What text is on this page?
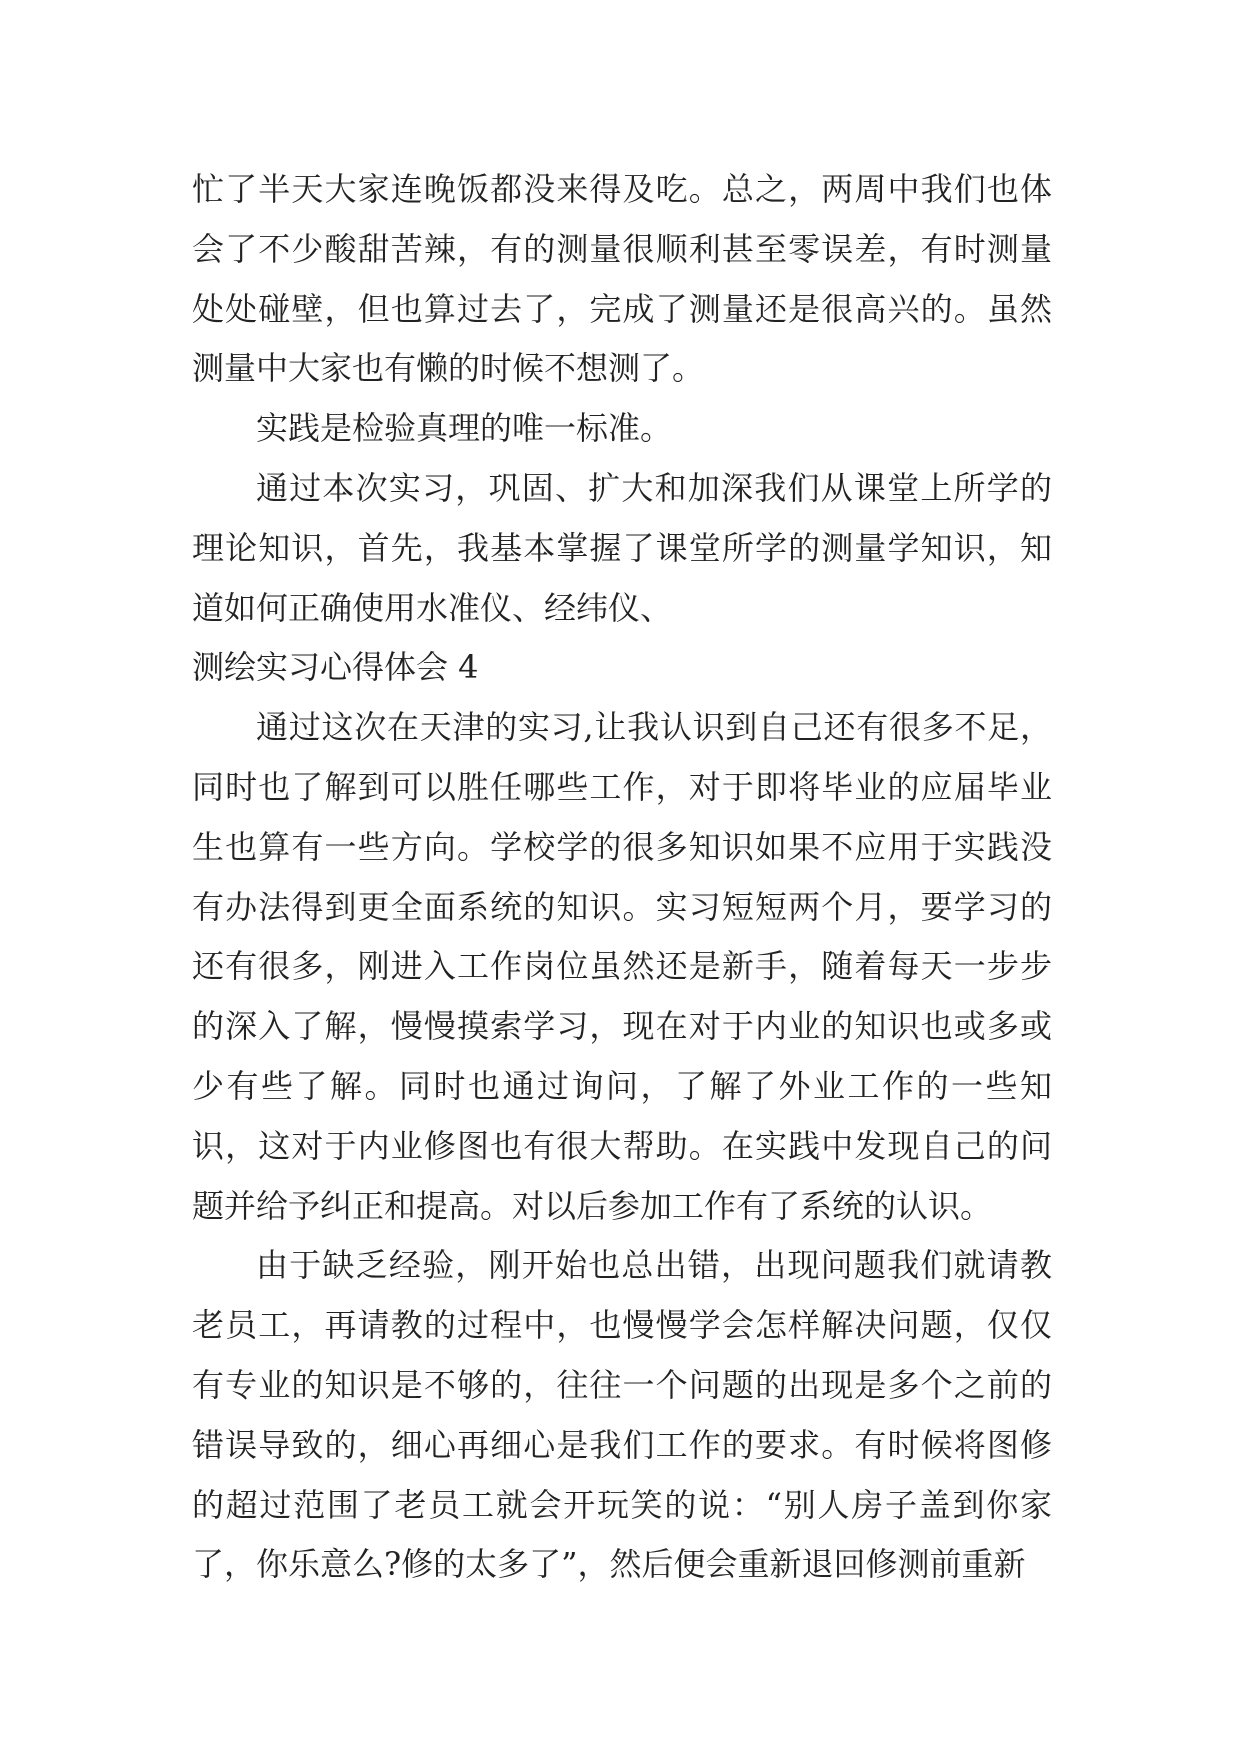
忙了半天大家连晚饭都没来得及吃。总之，两周中我们也体会了不少酸甜苦辣，有的测量很顺利甚至零误差，有时测量处处碰壁，但也算过去了，完成了测量还是很高兴的。虽然测量中大家也有懒的时候不想测了。

实践是检验真理的唯一标准。

通过本次实习，巩固、扩大和加深我们从课堂上所学的理论知识，首先，我基本掌握了课堂所学的测量学知识，知道如何正确使用水准仪、经纬仪、

测绘实习心得体会 4

通过这次在天津的实习,让我认识到自己还有很多不足，同时也了解到可以胜任哪些工作，对于即将毕业的应届毕业生也算有一些方向。学校学的很多知识如果不应用于实践没有办法得到更全面系统的知识。实习短短两个月，要学习的还有很多，刚进入工作岗位虽然还是新手，随着每天一步步的深入了解，慢慢摸索学习，现在对于内业的知识也或多或少有些了解。同时也通过询问，了解了外业工作的一些知识，这对于内业修图也有很大帮助。在实践中发现自己的问题并给予纠正和提高。对以后参加工作有了系统的认识。

由于缺乏经验，刚开始也总出错，出现问题我们就请教老员工，再请教的过程中，也慢慢学会怎样解决问题，仅仅有专业的知识是不够的，往往一个问题的出现是多个之前的错误导致的，细心再细心是我们工作的要求。有时候将图修的超过范围了老员工就会开玩笑的说：“别人房子盖到你家了，你乐意么?修的太多了”，然后便会重新退回修测前重新
